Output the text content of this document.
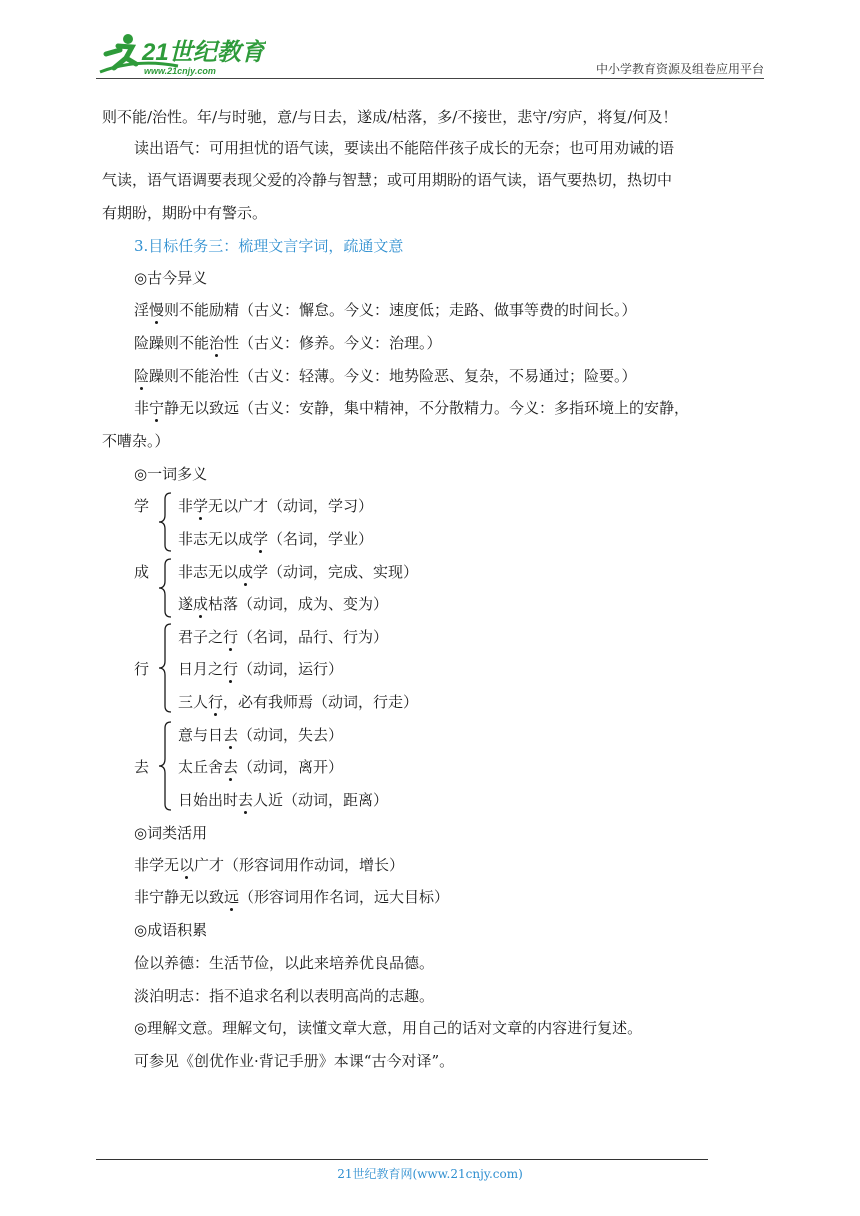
21世纪教育
www.21cnjy.com	中小学教育资源及组卷应用平台
则不能/治性。年/与时驰，意/与日去，遂成/枯落，多/不接世，悲守/穷庐，将复/何及！
读出语气：可用担忧的语气读，要读出不能陪伴孩子成长的无奈；也可用劝诫的语
气读，语气语调要表现父爱的冷静与智慧；或可用期盼的语气读，语气要热切，热切中
有期盼，期盼中有警示。
3.目标任务三：梳理文言字词，疏通文意
◎古今异义
淫慢则不能励精（古义：懈怠。今义：速度低；走路、做事等费的时间长。）
险躁则不能治性（古义：修养。今义：治理。）
险躁则不能治性（古义：轻薄。今义：地势险恶、复杂，不易通过；险要。）
非宁静无以致远（古义：安静，集中精神，不分散精力。今义：多指环境上的安静，
不嘈杂。）
◎一词多义
学 非学无以广才（动词，学习）
非志无以成学（名词，学业）
成 非志无以成学（动词，完成、实现）
遂成枯落（动词，成为、变为）
行
君子之行（名词，品行、行为）
日月之行（动词，运行）
三人行，必有我师焉（动词，行走）
去
意与日去（动词，失去）
太丘舍去（动词，离开）
日始出时去人近（动词，距离）
◎词类活用
非学无以广才（形容词用作动词，增长）
非宁静无以致远（形容词用作名词，远大目标）
◎成语积累
俭以养德：生活节俭，以此来培养优良品德。
淡泊明志：指不追求名利以表明高尚的志趣。
◎理解文意。理解文句，读懂文章大意，用自己的话对文章的内容进行复述。
可参见《创优作业·背记手册》本课“古今对译”。
21世纪教育网(www.21cnjy.com)
